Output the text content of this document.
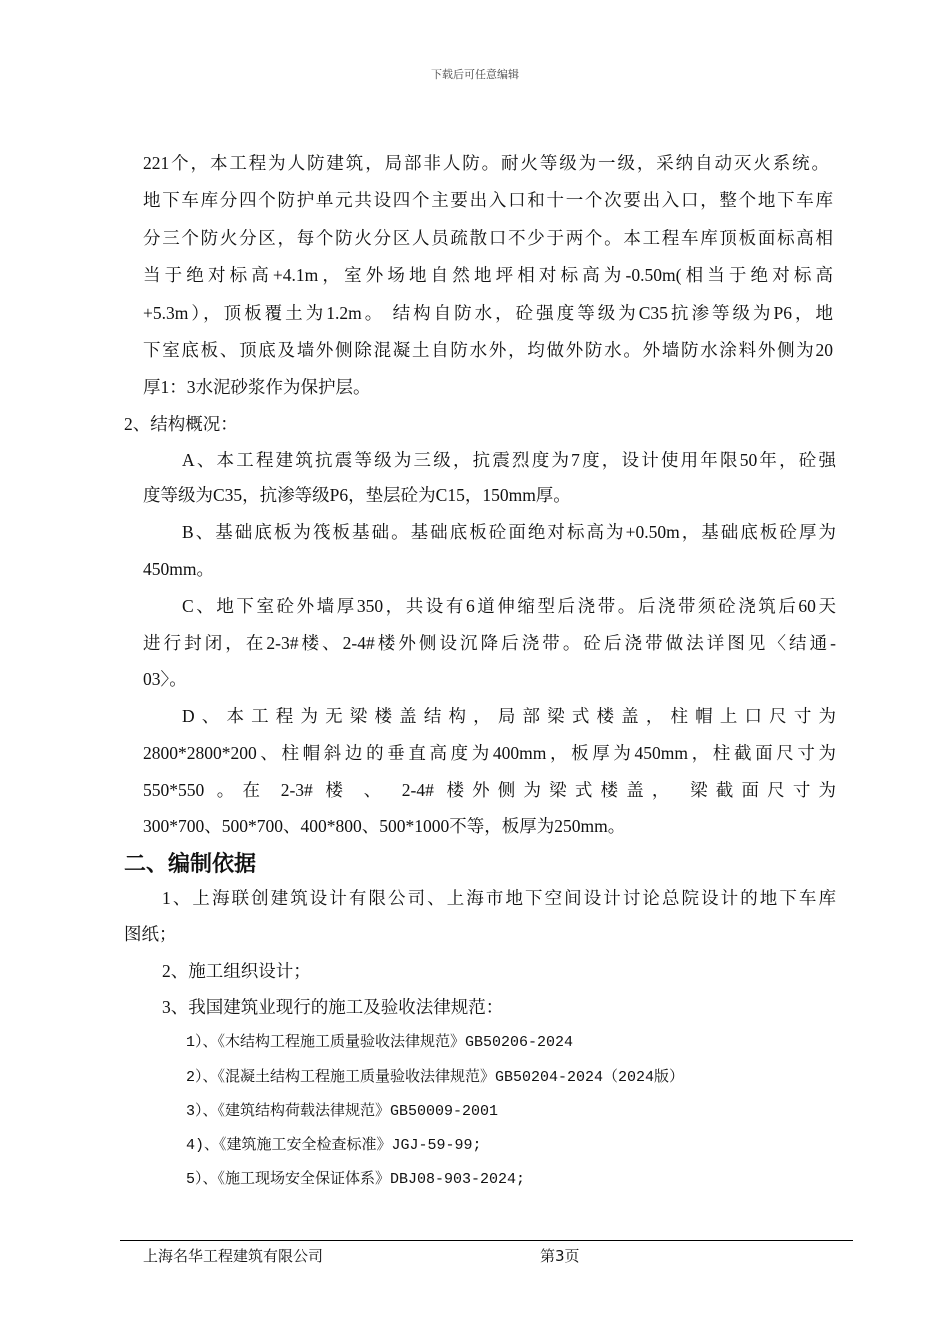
下载后可任意编辑
221个，本工程为人防建筑，局部非人防。耐火等级为一级，采纳自动灭火系统。
地下车库分四个防护单元共设四个主要出入口和十一个次要出入口，整个地下车库
分三个防火分区，每个防火分区人员疏散口不少于两个。本工程车库顶板面标高相
当于绝对标高+4.1m，室外场地自然地坪相对标高为-0.50m(相当于绝对标高
+5.3m），顶板覆土为1.2m。 结构自防水，砼强度等级为C35抗渗等级为P6，地
下室底板、顶底及墙外侧除混凝土自防水外，均做外防水。外墙防水涂料外侧为20
厚1：3水泥砂浆作为保护层。
2、结构概况：
A、本工程建筑抗震等级为三级，抗震烈度为7度，设计使用年限50年，砼强
度等级为C35，抗渗等级P6，垫层砼为C15，150mm厚。
B、基础底板为筏板基础。基础底板砼面绝对标高为+0.50m，基础底板砼厚为
450mm。
C、地下室砼外墙厚350，共设有6道伸缩型后浇带。后浇带须砼浇筑后60天
进行封闭，在2-3#楼、2-4#楼外侧设沉降后浇带。砼后浇带做法详图见〈结通-
03〉。
D、本工程为无梁楼盖结构，局部梁式楼盖，柱帽上口尺寸为
2800*2800*200、柱帽斜边的垂直高度为400mm，板厚为450mm，柱截面尺寸为
550*550 。在 2-3# 楼 、 2-4# 楼外侧为梁式楼盖， 梁截面尺寸为
300*700、500*700、400*800、500*1000不等，板厚为250mm。
二、编制依据
1、上海联创建筑设计有限公司、上海市地下空间设计讨论总院设计的地下车库
图纸；
2、施工组织设计；
3、我国建筑业现行的施工及验收法律规范：
1）、《木结构工程施工质量验收法律规范》GB50206-2024
2）、《混凝土结构工程施工质量验收法律规范》GB50204-2024（2024版）
3）、《建筑结构荷载法律规范》GB50009-2001
4)、《建筑施工安全检查标准》JGJ-59-99;
5）、《施工现场安全保证体系》DBJ08-903-2024;
上海名华工程建筑有限公司	第3页
